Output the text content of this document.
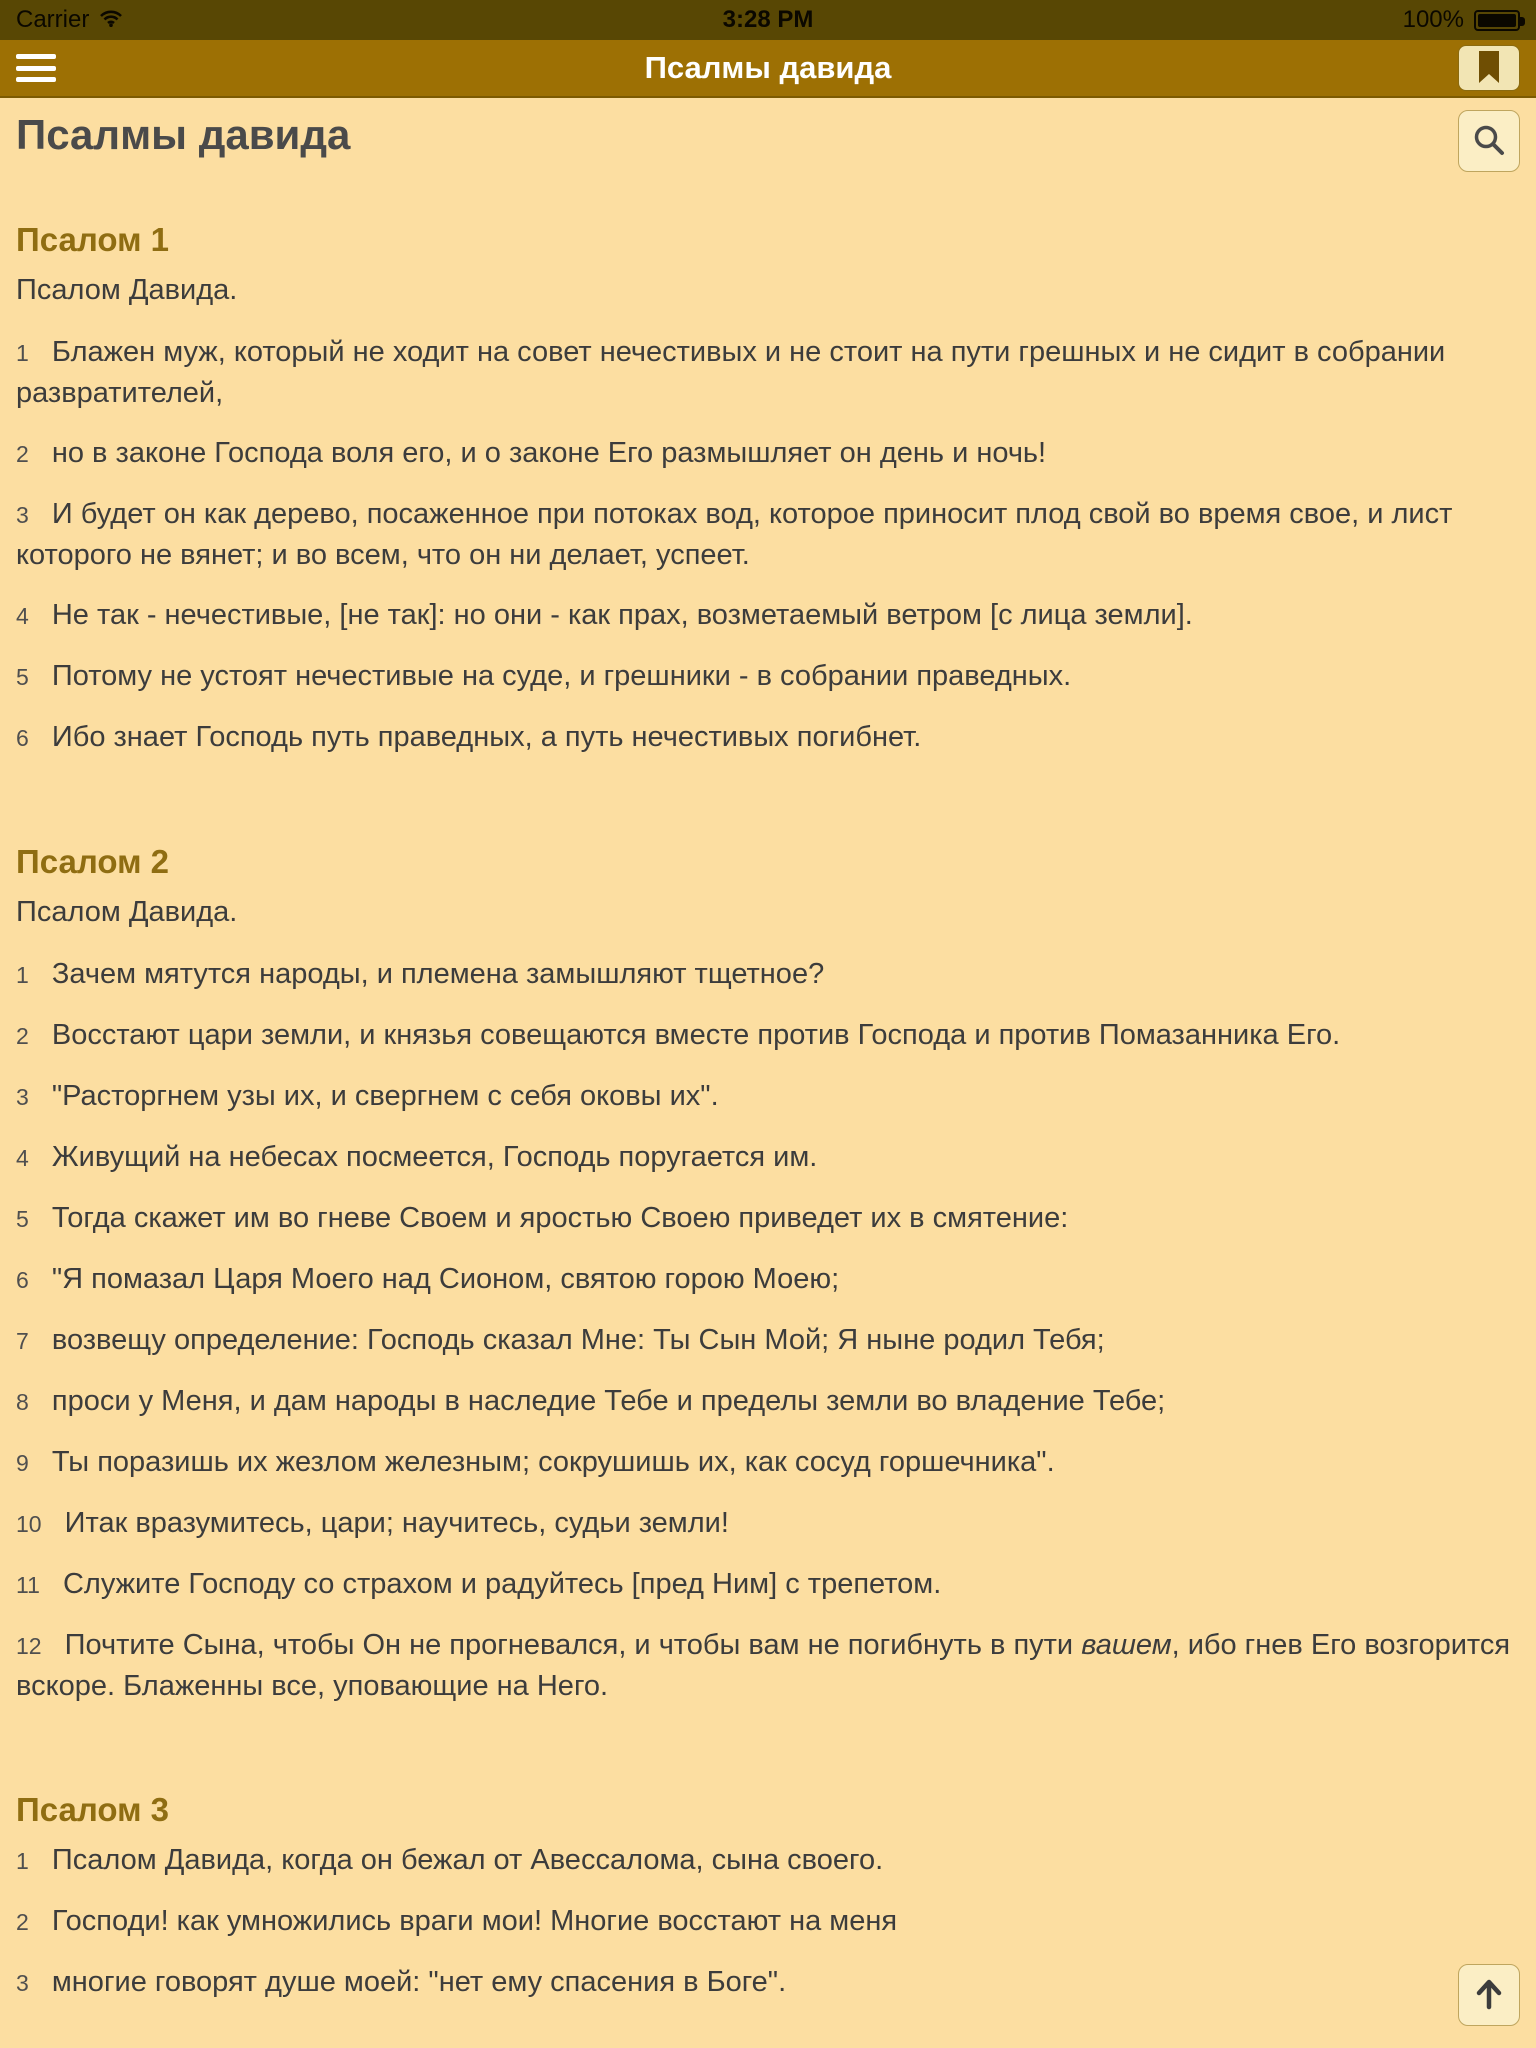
Carrier	3:28 PM	100%
Псалмы давида
Псалмы давида
Псалом 1

Псалом Давида.

1 Блажен муж, который не ходит на совет нечестивых и не стоит на пути грешных и не сидит в собрании развратителей,

2 но в законе Господа воля его, и о законе Его размышляет он день и ночь!

3 И будет он как дерево, посаженное при потоках вод, которое приносит плод свой во время свое, и лист которого не вянет; и во всем, что он ни делает, успеет.

4 Не так - нечестивые, [не так]: но они - как прах, возметаемый ветром [с лица земли].

5 Потому не устоят нечестивые на суде, и грешники - в собрании праведных.

6 Ибо знает Господь путь праведных, а путь нечестивых погибнет.

Псалом 2

Псалом Давида.

1 Зачем мятутся народы, и племена замышляют тщетное?

2 Восстают цари земли, и князья совещаются вместе против Господа и против Помазанника Его.

3 "Расторгнем узы их, и свергнем с себя оковы их".

4 Живущий на небесах посмеется, Господь поругается им.

5 Тогда скажет им во гневе Своем и яростью Своею приведет их в смятение:

6 "Я помазал Царя Моего над Сионом, святою горою Моею;

7 возвещу определение: Господь сказал Мне: Ты Сын Мой; Я ныне родил Тебя;

8 проси у Меня, и дам народы в наследие Тебе и пределы земли во владение Тебе;

9 Ты поразишь их жезлом железным; сокрушишь их, как сосуд горшечника".

10 Итак вразумитесь, цари; научитесь, судьи земли!

11 Служите Господу со страхом и радуйтесь [пред Ним] с трепетом.

12 Почтите Сына, чтобы Он не прогневался, и чтобы вам не погибнуть в пути вашем, ибо гнев Его возгорится вскоре. Блаженны все, уповающие на Него.

Псалом 3

1 Псалом Давида, когда он бежал от Авессалома, сына своего.

2 Господи! как умножились враги мои! Многие восстают на меня

3 многие говорят душе моей: "нет ему спасения в Боге".
